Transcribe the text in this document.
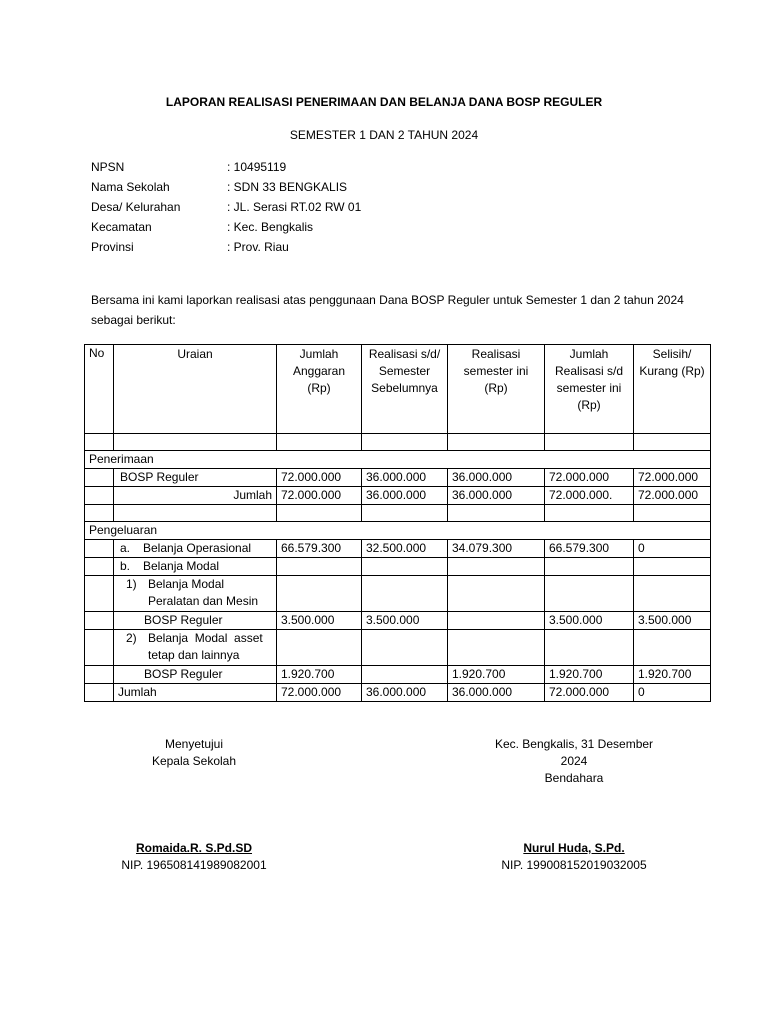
LAPORAN REALISASI PENERIMAAN DAN BELANJA DANA BOSP REGULER
SEMESTER 1 DAN 2 TAHUN 2024
NPSN	: 10495119
Nama Sekolah	: SDN 33 BENGKALIS
Desa/ Kelurahan	: JL. Serasi RT.02 RW 01
Kecamatan	: Kec. Bengkalis
Provinsi	: Prov. Riau
Bersama ini kami laporkan realisasi atas penggunaan Dana BOSP Reguler untuk Semester 1 dan 2 tahun 2024 sebagai berikut:
No	Uraian	Jumlah Anggaran (Rp)	Realisasi s/d/ Semester Sebelumnya	Realisasi semester ini (Rp)	Jumlah Realisasi s/d semester ini (Rp)	Selisih/ Kurang (Rp)

Penerimaan						
	BOSP Reguler	72.000.000	36.000.000	36.000.000	72.000.000	72.000.000
	Jumlah	72.000.000	36.000.000	36.000.000	72.000.000.	72.000.000

Pengeluaran						
	a. Belanja Operasional	66.579.300	32.500.000	34.079.300	66.579.300	0
	b. Belanja Modal					

	1) Belanja Modal Peralatan dan Mesin					

	BOSP Reguler	3.500.000	3.500.000		3.500.000	3.500.000

	2) Belanja  Modal  asset tetap dan lainnya					

	BOSP Reguler	1.920.700		1.920.700	1.920.700	1.920.700
	Jumlah	72.000.000	36.000.000	36.000.000	72.000.000	0
Menyetujui
Kepala Sekolah
Romaida.R. S.Pd.SD
NIP. 196508141989082001
Kec. Bengkalis, 31 Desember
2024
Bendahara
Nurul Huda, S.Pd.
NIP. 199008152019032005
